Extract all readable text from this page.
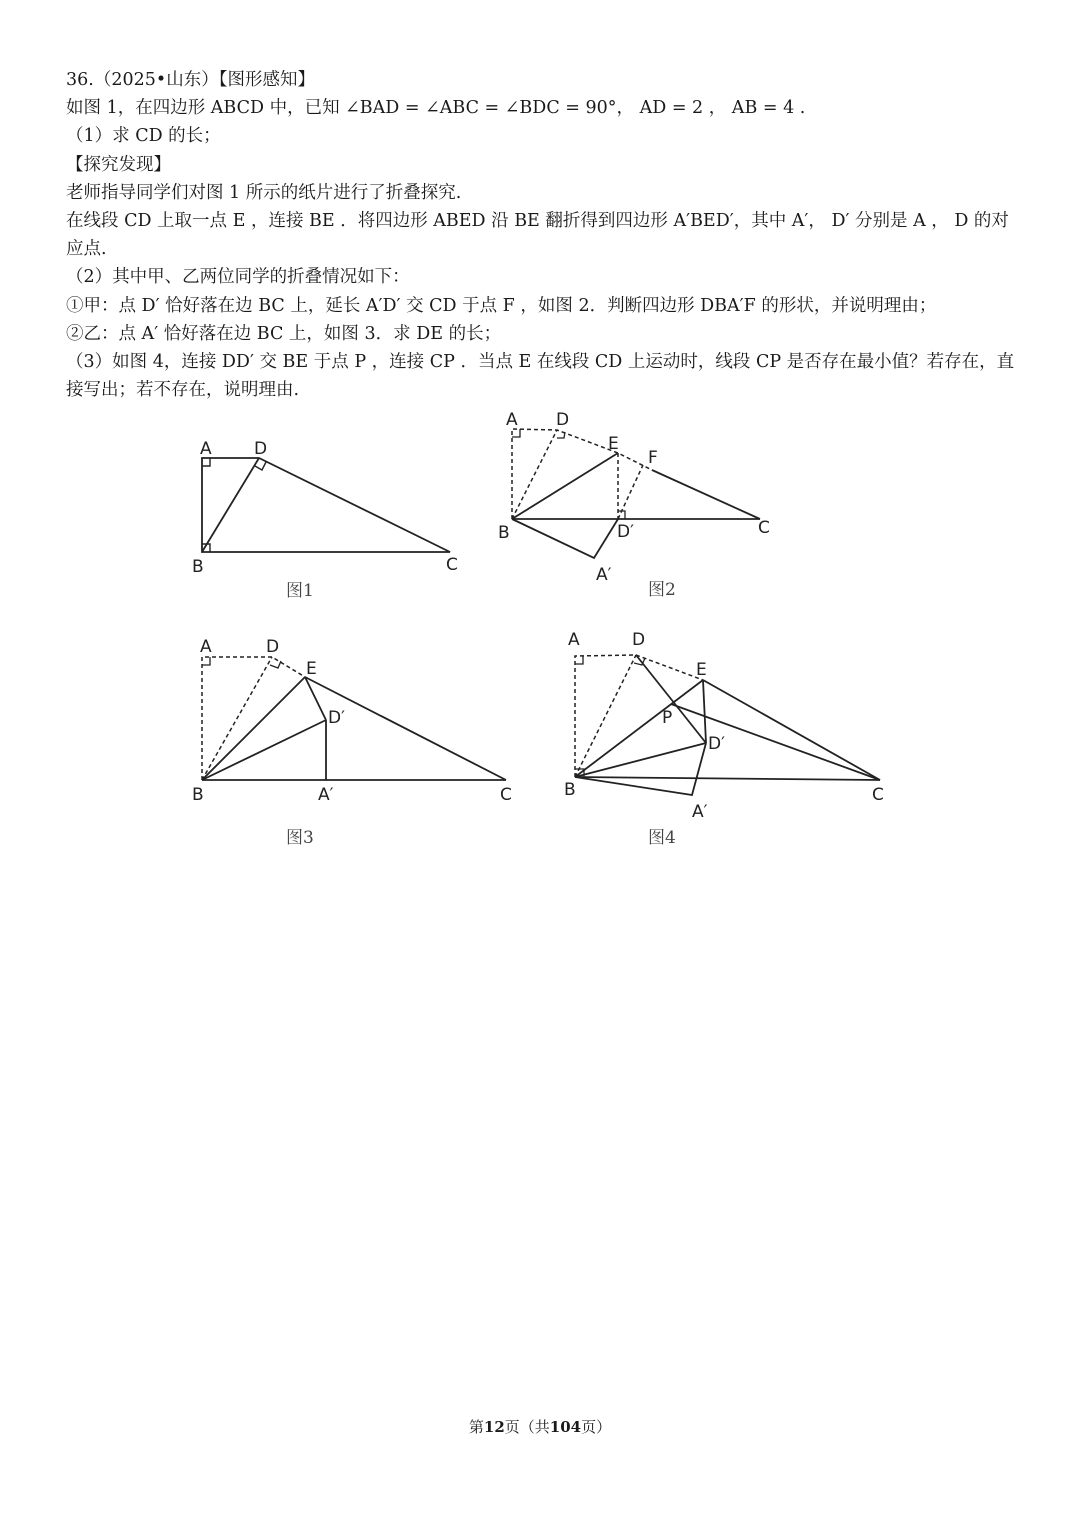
36.（2025•山东）【图形感知】
如图 1，在四边形 ABCD 中，已知 ∠BAD = ∠ABC = ∠BDC = 90°， AD = 2 ， AB = 4 .
（1）求 CD 的长；
【探究发现】
老师指导同学们对图 1 所示的纸片进行了折叠探究.
在线段 CD 上取一点 E ，连接 BE ．将四边形 ABED 沿 BE 翻折得到四边形 A′BED′，其中 A′， D′ 分别是 A ， D 的对应点.
（2）其中甲、乙两位同学的折叠情况如下：
①甲：点 D′ 恰好落在边 BC 上，延长 A′D′ 交 CD 于点 F ，如图 2．判断四边形 DBA′F 的形状，并说明理由；
②乙：点 A′ 恰好落在边 BC 上，如图 3．求 DE 的长；
（3）如图 4，连接 DD′ 交 BE 于点 P ，连接 CP ．当点 E 在线段 CD 上运动时，线段 CP 是否存在最小值？若存在，直接写出；若不存在，说明理由.
A D
B	C
图1
A D
E
F
B	D′	C
A′
图2
A	D
E
D′
B	A′	C
图3
A	D
E
P
D′
B
A′
C
图4
第12页（共104页）
